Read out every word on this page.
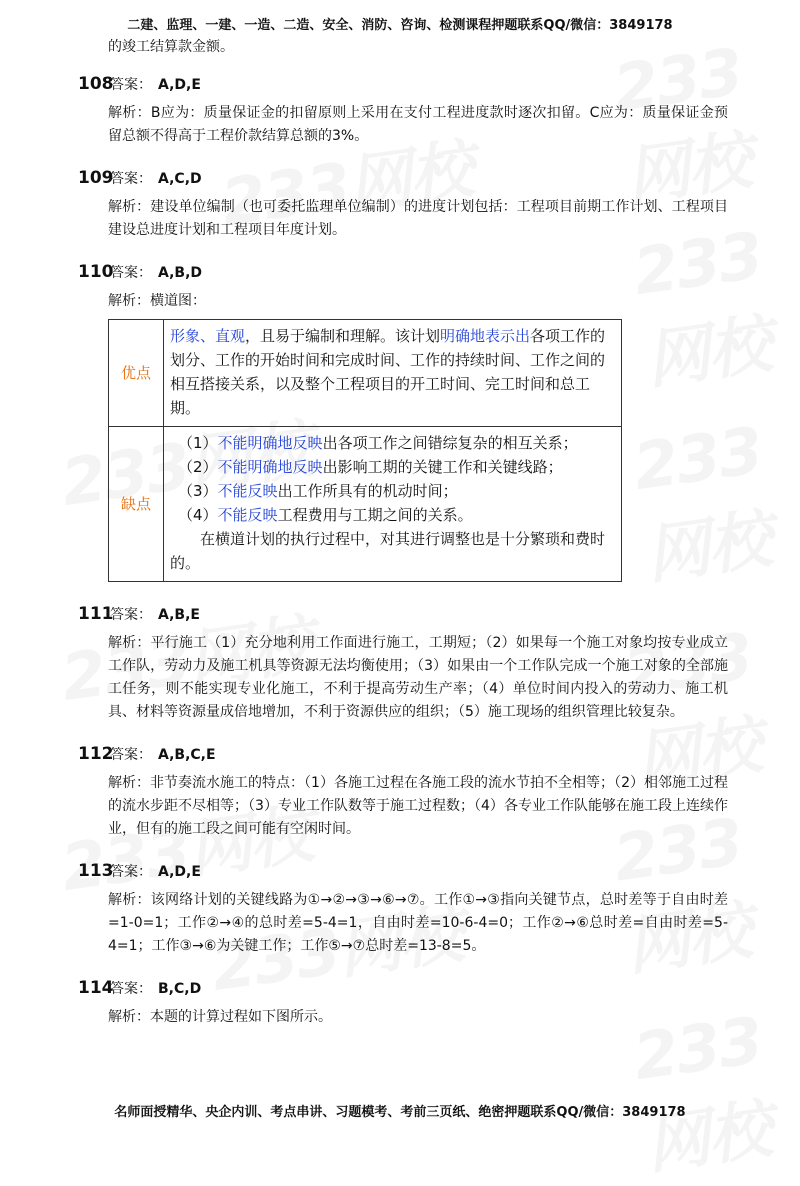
二建、监理、一建、一造、二造、安全、消防、咨询、检测课程押题联系QQ/微信：3849178
的竣工结算款金额。
108
答案： A,D,E
解析：B应为：质量保证金的扣留原则上采用在支付工程进度款时逐次扣留。C应为：质量保证金预留总额不得高于工程价款结算总额的3%。
109
答案： A,C,D
解析：建设单位编制（也可委托监理单位编制）的进度计划包括：工程项目前期工作计划、工程项目建设总进度计划和工程项目年度计划。
110
答案： A,B,D
解析：横道图：
优点	形象、直观，且易于编制和理解。该计划明确地表示出各项工作的划分、工作的开始时间和完成时间、工作的持续时间、工作之间的相互搭接关系，以及整个工程项目的开工时间、完工时间和总工期。
缺点	（1）不能明确地反映出各项工作之间错综复杂的相互关系；
（2）不能明确地反映出影响工期的关键工作和关键线路；
（3）不能反映出工作所具有的机动时间；
（4）不能反映工程费用与工期之间的关系。
在横道计划的执行过程中，对其进行调整也是十分繁琐和费时的。
111
答案： A,B,E
解析：平行施工（1）充分地利用工作面进行施工，工期短；（2）如果每一个施工对象均按专业成立工作队，劳动力及施工机具等资源无法均衡使用；（3）如果由一个工作队完成一个施工对象的全部施工任务，则不能实现专业化施工，不利于提高劳动生产率；（4）单位时间内投入的劳动力、施工机具、材料等资源量成倍地增加，不利于资源供应的组织；（5）施工现场的组织管理比较复杂。
112
答案： A,B,C,E
解析：非节奏流水施工的特点：（1）各施工过程在各施工段的流水节拍不全相等；（2）相邻施工过程的流水步距不尽相等；（3）专业工作队数等于施工过程数；（4）各专业工作队能够在施工段上连续作业，但有的施工段之间可能有空闲时间。
113
答案： A,D,E
解析：该网络计划的关键线路为①→②→③→⑥→⑦。工作①→③指向关键节点，总时差等于自由时差=1-0=1；工作②→④的总时差=5-4=1，自由时差=10-6-4=0；工作②→⑥总时差=自由时差=5-4=1；工作③→⑥为关键工作；工作⑤→⑦总时差=13-8=5。
114
答案： B,C,D
解析：本题的计算过程如下图所示。
名师面授精华、央企内训、考点串讲、习题模考、考前三页纸、绝密押题联系QQ/微信：3849178
